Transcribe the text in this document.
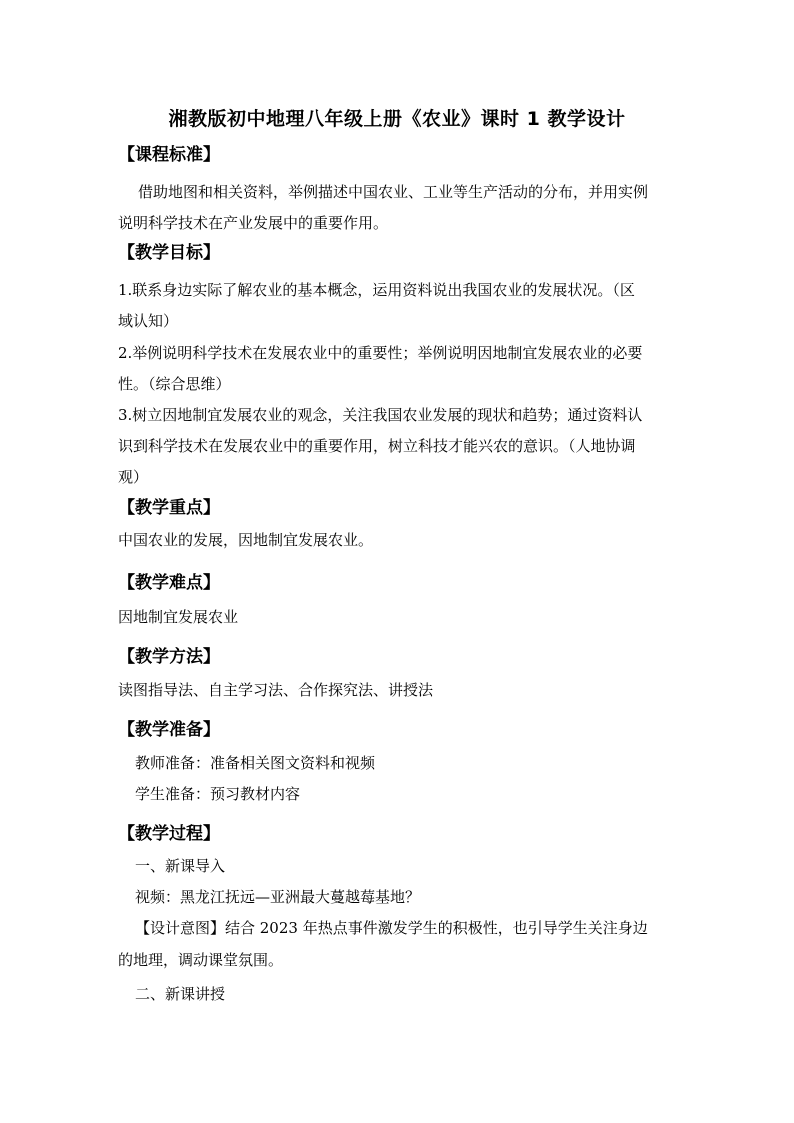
湘教版初中地理八年级上册《农业》课时 1 教学设计
【课程标准】
借助地图和相关资料，举例描述中国农业、工业等生产活动的分布，并用实例
说明科学技术在产业发展中的重要作用。
【教学目标】
1.联系身边实际了解农业的基本概念，运用资料说出我国农业的发展状况。（区
域认知）
2.举例说明科学技术在发展农业中的重要性；举例说明因地制宜发展农业的必要
性。（综合思维）
3.树立因地制宜发展农业的观念，关注我国农业发展的现状和趋势；通过资料认
识到科学技术在发展农业中的重要作用，树立科技才能兴农的意识。（人地协调
观）
【教学重点】
中国农业的发展，因地制宜发展农业。
【教学难点】
因地制宜发展农业
【教学方法】
读图指导法、自主学习法、合作探究法、讲授法
【教学准备】
教师准备：准备相关图文资料和视频
学生准备：预习教材内容
【教学过程】
一、新课导入
视频：黑龙江抚远—亚洲最大蔓越莓基地？
【设计意图】结合 2023 年热点事件激发学生的积极性，也引导学生关注身边
的地理，调动课堂氛围。
二、新课讲授
